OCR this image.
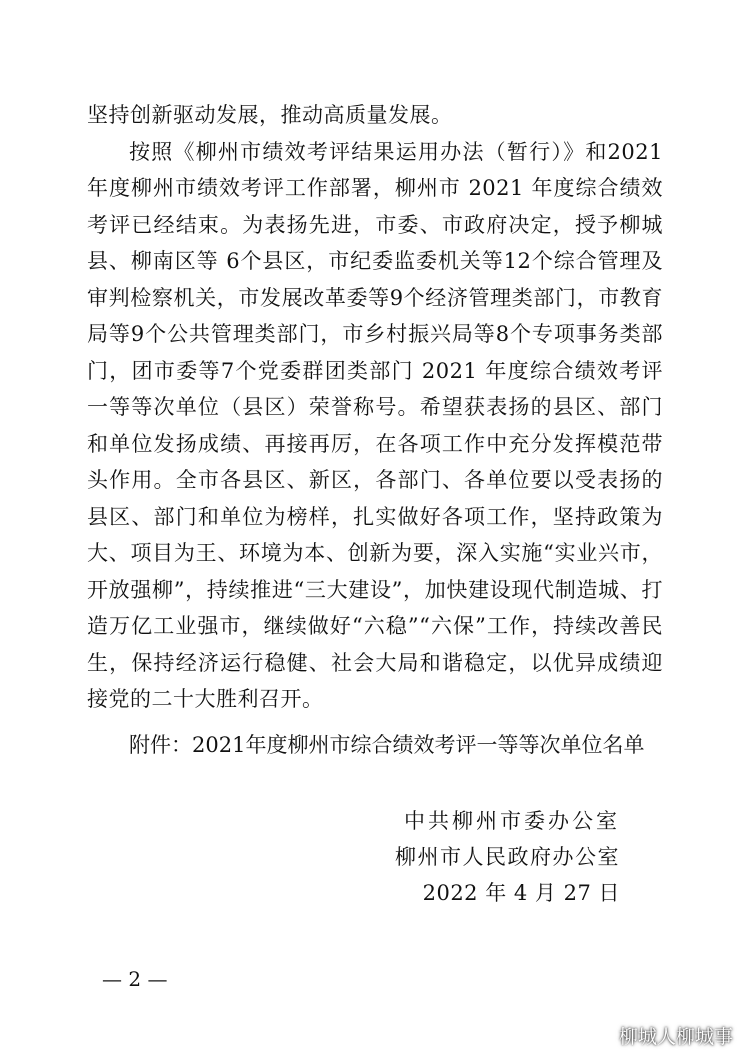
坚持创新驱动发展，推动高质量发展。

按照《柳州市绩效考评结果运用办法（暂行）》和2021年度柳州市绩效考评工作部署，柳州市 2021 年度综合绩效考评已经结束。为表扬先进，市委、市政府决定，授予柳城县、柳南区等 6个县区，市纪委监委机关等12个综合管理及审判检察机关，市发展改革委等9个经济管理类部门，市教育局等9个公共管理类部门，市乡村振兴局等8个专项事务类部门，团市委等7个党委群团类部门 2021 年度综合绩效考评一等等次单位（县区）荣誉称号。希望获表扬的县区、部门和单位发扬成绩、再接再厉，在各项工作中充分发挥模范带头作用。全市各县区、新区，各部门、各单位要以受表扬的县区、部门和单位为榜样，扎实做好各项工作，坚持政策为大、项目为王、环境为本、创新为要，深入实施“实业兴市，开放强柳”，持续推进“三大建设”，加快建设现代制造城、打造万亿工业强市，继续做好“六稳”“六保”工作，持续改善民生，保持经济运行稳健、社会大局和谐稳定，以优异成绩迎接党的二十大胜利召开。

附件：2021年度柳州市综合绩效考评一等等次单位名单
中共柳州市委办公室
柳州市人民政府办公室
2022 年 4 月 27 日
— 2 —
柳城人柳城事
